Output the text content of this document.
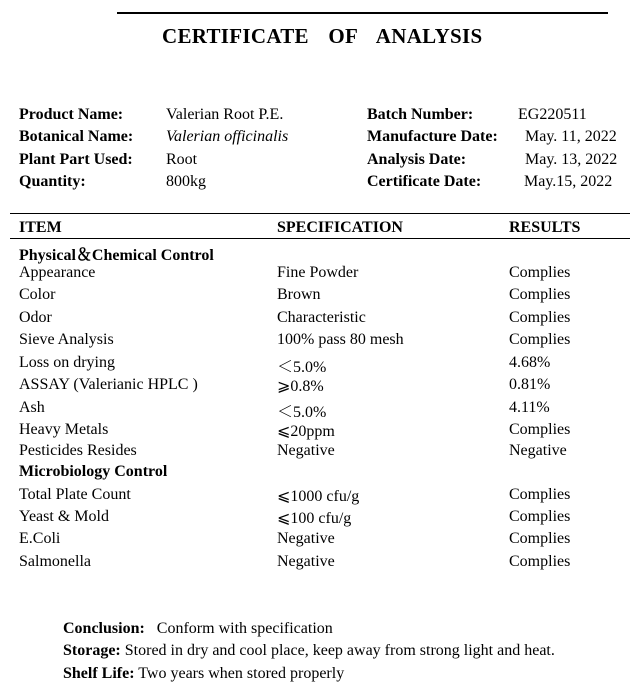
CERTIFICATE OF ANALYSIS
Product Name:	Valerian Root P.E.
Botanical Name: Valerian officinalis
Plant Part Used: Root
Quantity:	800kg
Batch Number:	EG220511
Manufacture Date: May. 11, 2022
Analysis Date:	May. 13, 2022
Certificate Date:	May.15, 2022
ITEM	SPECIFICATION	RESULTS
Physical＆Chemical Control
Appearance	Fine Powder	Complies
Color	Brown	Complies
Odor	Characteristic	Complies
Sieve Analysis	100% pass 80 mesh	Complies
Loss on drying	＜5.0%	4.68%
ASSAY (Valerianic HPLC )	⩾0.8%	0.81%
Ash	＜5.0%	4.11%
Heavy Metals	⩽20ppm	Complies
Pesticides Resides	Negative	Negative
Microbiology Control
Total Plate Count	⩽1000 cfu/g	Complies
Yeast & Mold	⩽100 cfu/g	Complies
E.Coli	Negative	Complies
Salmonella	Negative	Complies
Conclusion: Conform with specification
Storage: Stored in dry and cool place, keep away from strong light and heat.
Shelf Life: Two years when stored properly
